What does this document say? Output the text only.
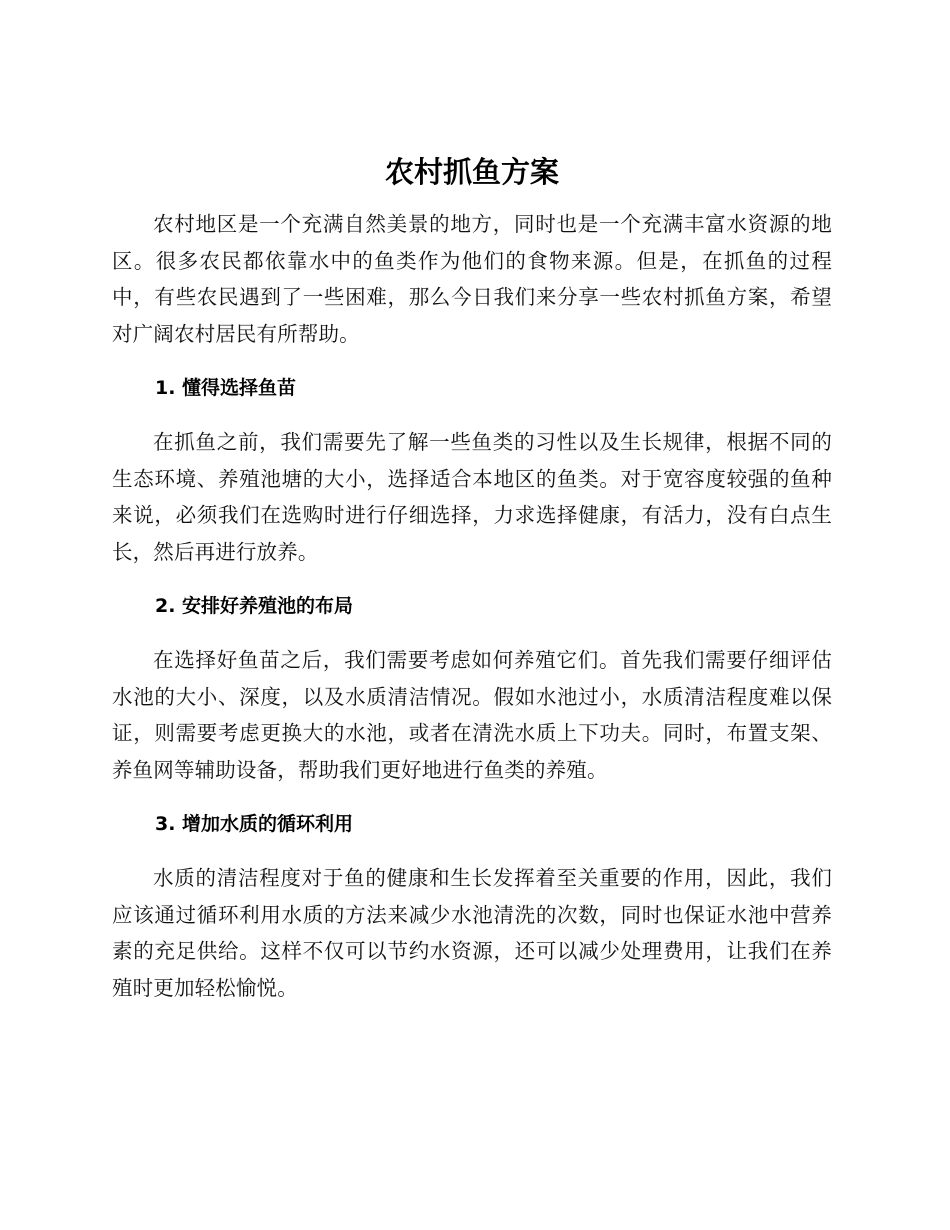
农村抓鱼方案

农村地区是一个充满自然美景的地方，同时也是一个充满丰富水资源的地区。很多农民都依靠水中的鱼类作为他们的食物来源。但是，在抓鱼的过程中，有些农民遇到了一些困难，那么今日我们来分享一些农村抓鱼方案，希望对广阔农村居民有所帮助。

1. 懂得选择鱼苗

在抓鱼之前，我们需要先了解一些鱼类的习性以及生长规律，根据不同的生态环境、养殖池塘的大小，选择适合本地区的鱼类。对于宽容度较强的鱼种来说，必须我们在选购时进行仔细选择，力求选择健康，有活力，没有白点生长，然后再进行放养。

2. 安排好养殖池的布局

在选择好鱼苗之后，我们需要考虑如何养殖它们。首先我们需要仔细评估水池的大小、深度，以及水质清洁情况。假如水池过小，水质清洁程度难以保证，则需要考虑更换大的水池，或者在清洗水质上下功夫。同时，布置支架、养鱼网等辅助设备，帮助我们更好地进行鱼类的养殖。

3. 增加水质的循环利用

水质的清洁程度对于鱼的健康和生长发挥着至关重要的作用，因此，我们应该通过循环利用水质的方法来减少水池清洗的次数，同时也保证水池中营养素的充足供给。这样不仅可以节约水资源，还可以减少处理费用，让我们在养殖时更加轻松愉悦。
